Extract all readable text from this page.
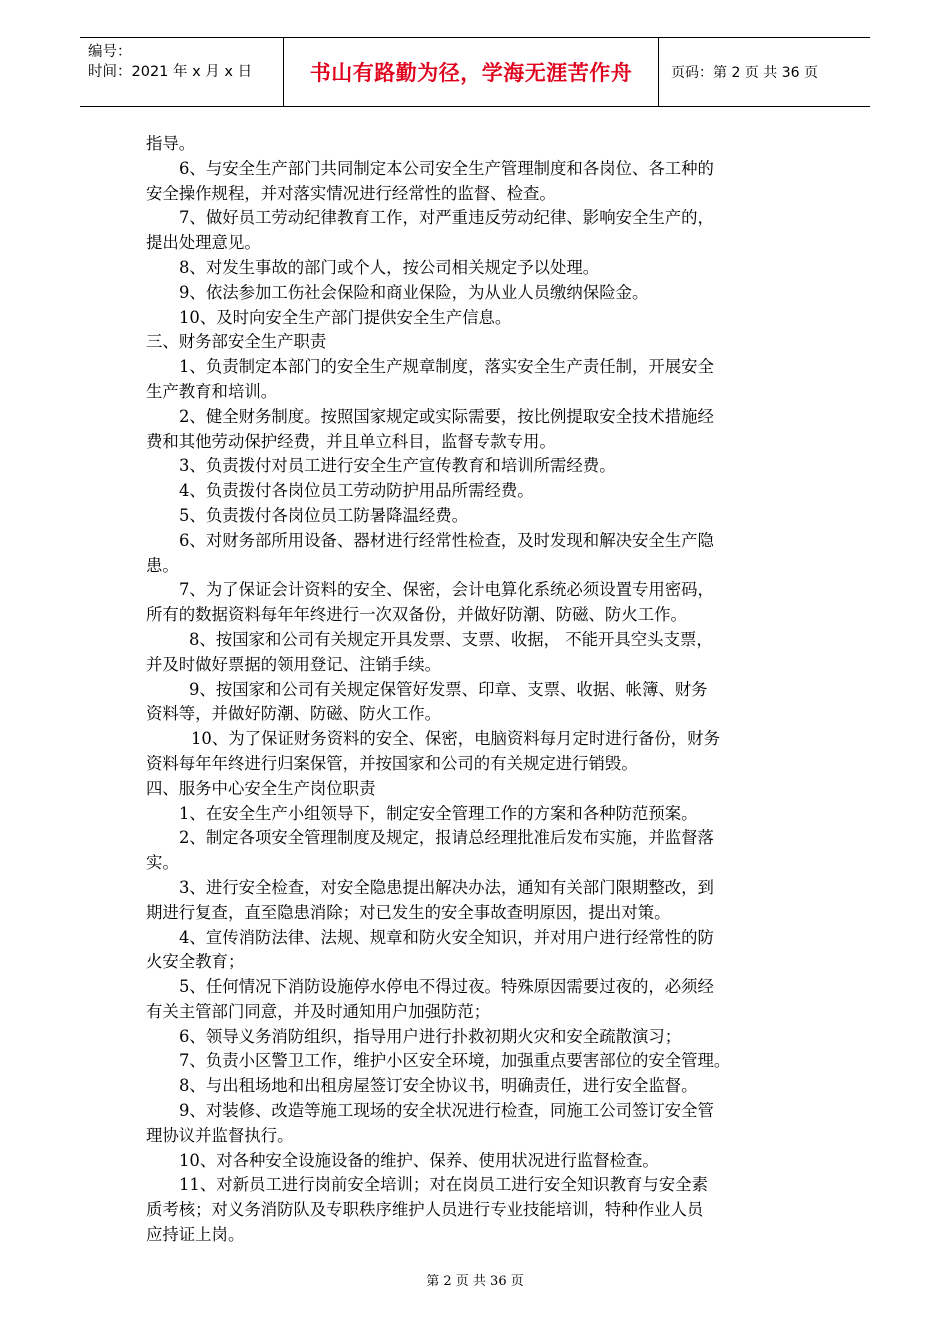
编号：
时间：2021 年 x 月 x 日	书山有路勤为径，学海无涯苦作舟	页码：第 2 页 共 36 页
指导。
6、与安全生产部门共同制定本公司安全生产管理制度和各岗位、各工种的
安全操作规程，并对落实情况进行经常性的监督、检查。
7、做好员工劳动纪律教育工作，对严重违反劳动纪律、影响安全生产的，
提出处理意见。
8、对发生事故的部门或个人，按公司相关规定予以处理。
9、依法参加工伤社会保险和商业保险，为从业人员缴纳保险金。
10、及时向安全生产部门提供安全生产信息。
三、财务部安全生产职责
1、负责制定本部门的安全生产规章制度，落实安全生产责任制，开展安全
生产教育和培训。
2、健全财务制度。按照国家规定或实际需要，按比例提取安全技术措施经
费和其他劳动保护经费，并且单立科目，监督专款专用。
3、负责拨付对员工进行安全生产宣传教育和培训所需经费。
4、负责拨付各岗位员工劳动防护用品所需经费。
5、负责拨付各岗位员工防暑降温经费。
6、对财务部所用设备、器材进行经常性检查，及时发现和解决安全生产隐
患。
7、为了保证会计资料的安全、保密，会计电算化系统必须设置专用密码，
所有的数据资料每年年终进行一次双备份，并做好防潮、防磁、防火工作。
8、按国家和公司有关规定开具发票、支票、收据， 不能开具空头支票，
并及时做好票据的领用登记、注销手续。
9、按国家和公司有关规定保管好发票、印章、支票、收据、帐簿、财务
资料等，并做好防潮、防磁、防火工作。
10、为了保证财务资料的安全、保密，电脑资料每月定时进行备份，财务
资料每年年终进行归案保管，并按国家和公司的有关规定进行销毁。
四、服务中心安全生产岗位职责
1、在安全生产小组领导下，制定安全管理工作的方案和各种防范预案。
2、制定各项安全管理制度及规定，报请总经理批准后发布实施，并监督落
实。
3、进行安全检查，对安全隐患提出解决办法，通知有关部门限期整改，到
期进行复查，直至隐患消除；对已发生的安全事故查明原因，提出对策。
4、宣传消防法律、法规、规章和防火安全知识，并对用户进行经常性的防
火安全教育；
5、任何情况下消防设施停水停电不得过夜。特殊原因需要过夜的，必须经
有关主管部门同意，并及时通知用户加强防范；
6、领导义务消防组织，指导用户进行扑救初期火灾和安全疏散演习；
7、负责小区警卫工作，维护小区安全环境，加强重点要害部位的安全管理。
8、与出租场地和出租房屋签订安全协议书，明确责任，进行安全监督。
9、对装修、改造等施工现场的安全状况进行检查，同施工公司签订安全管
理协议并监督执行。
10、对各种安全设施设备的维护、保养、使用状况进行监督检查。
11、对新员工进行岗前安全培训；对在岗员工进行安全知识教育与安全素
质考核；对义务消防队及专职秩序维护人员进行专业技能培训，特种作业人员
应持证上岗。
第 2 页 共 36 页
